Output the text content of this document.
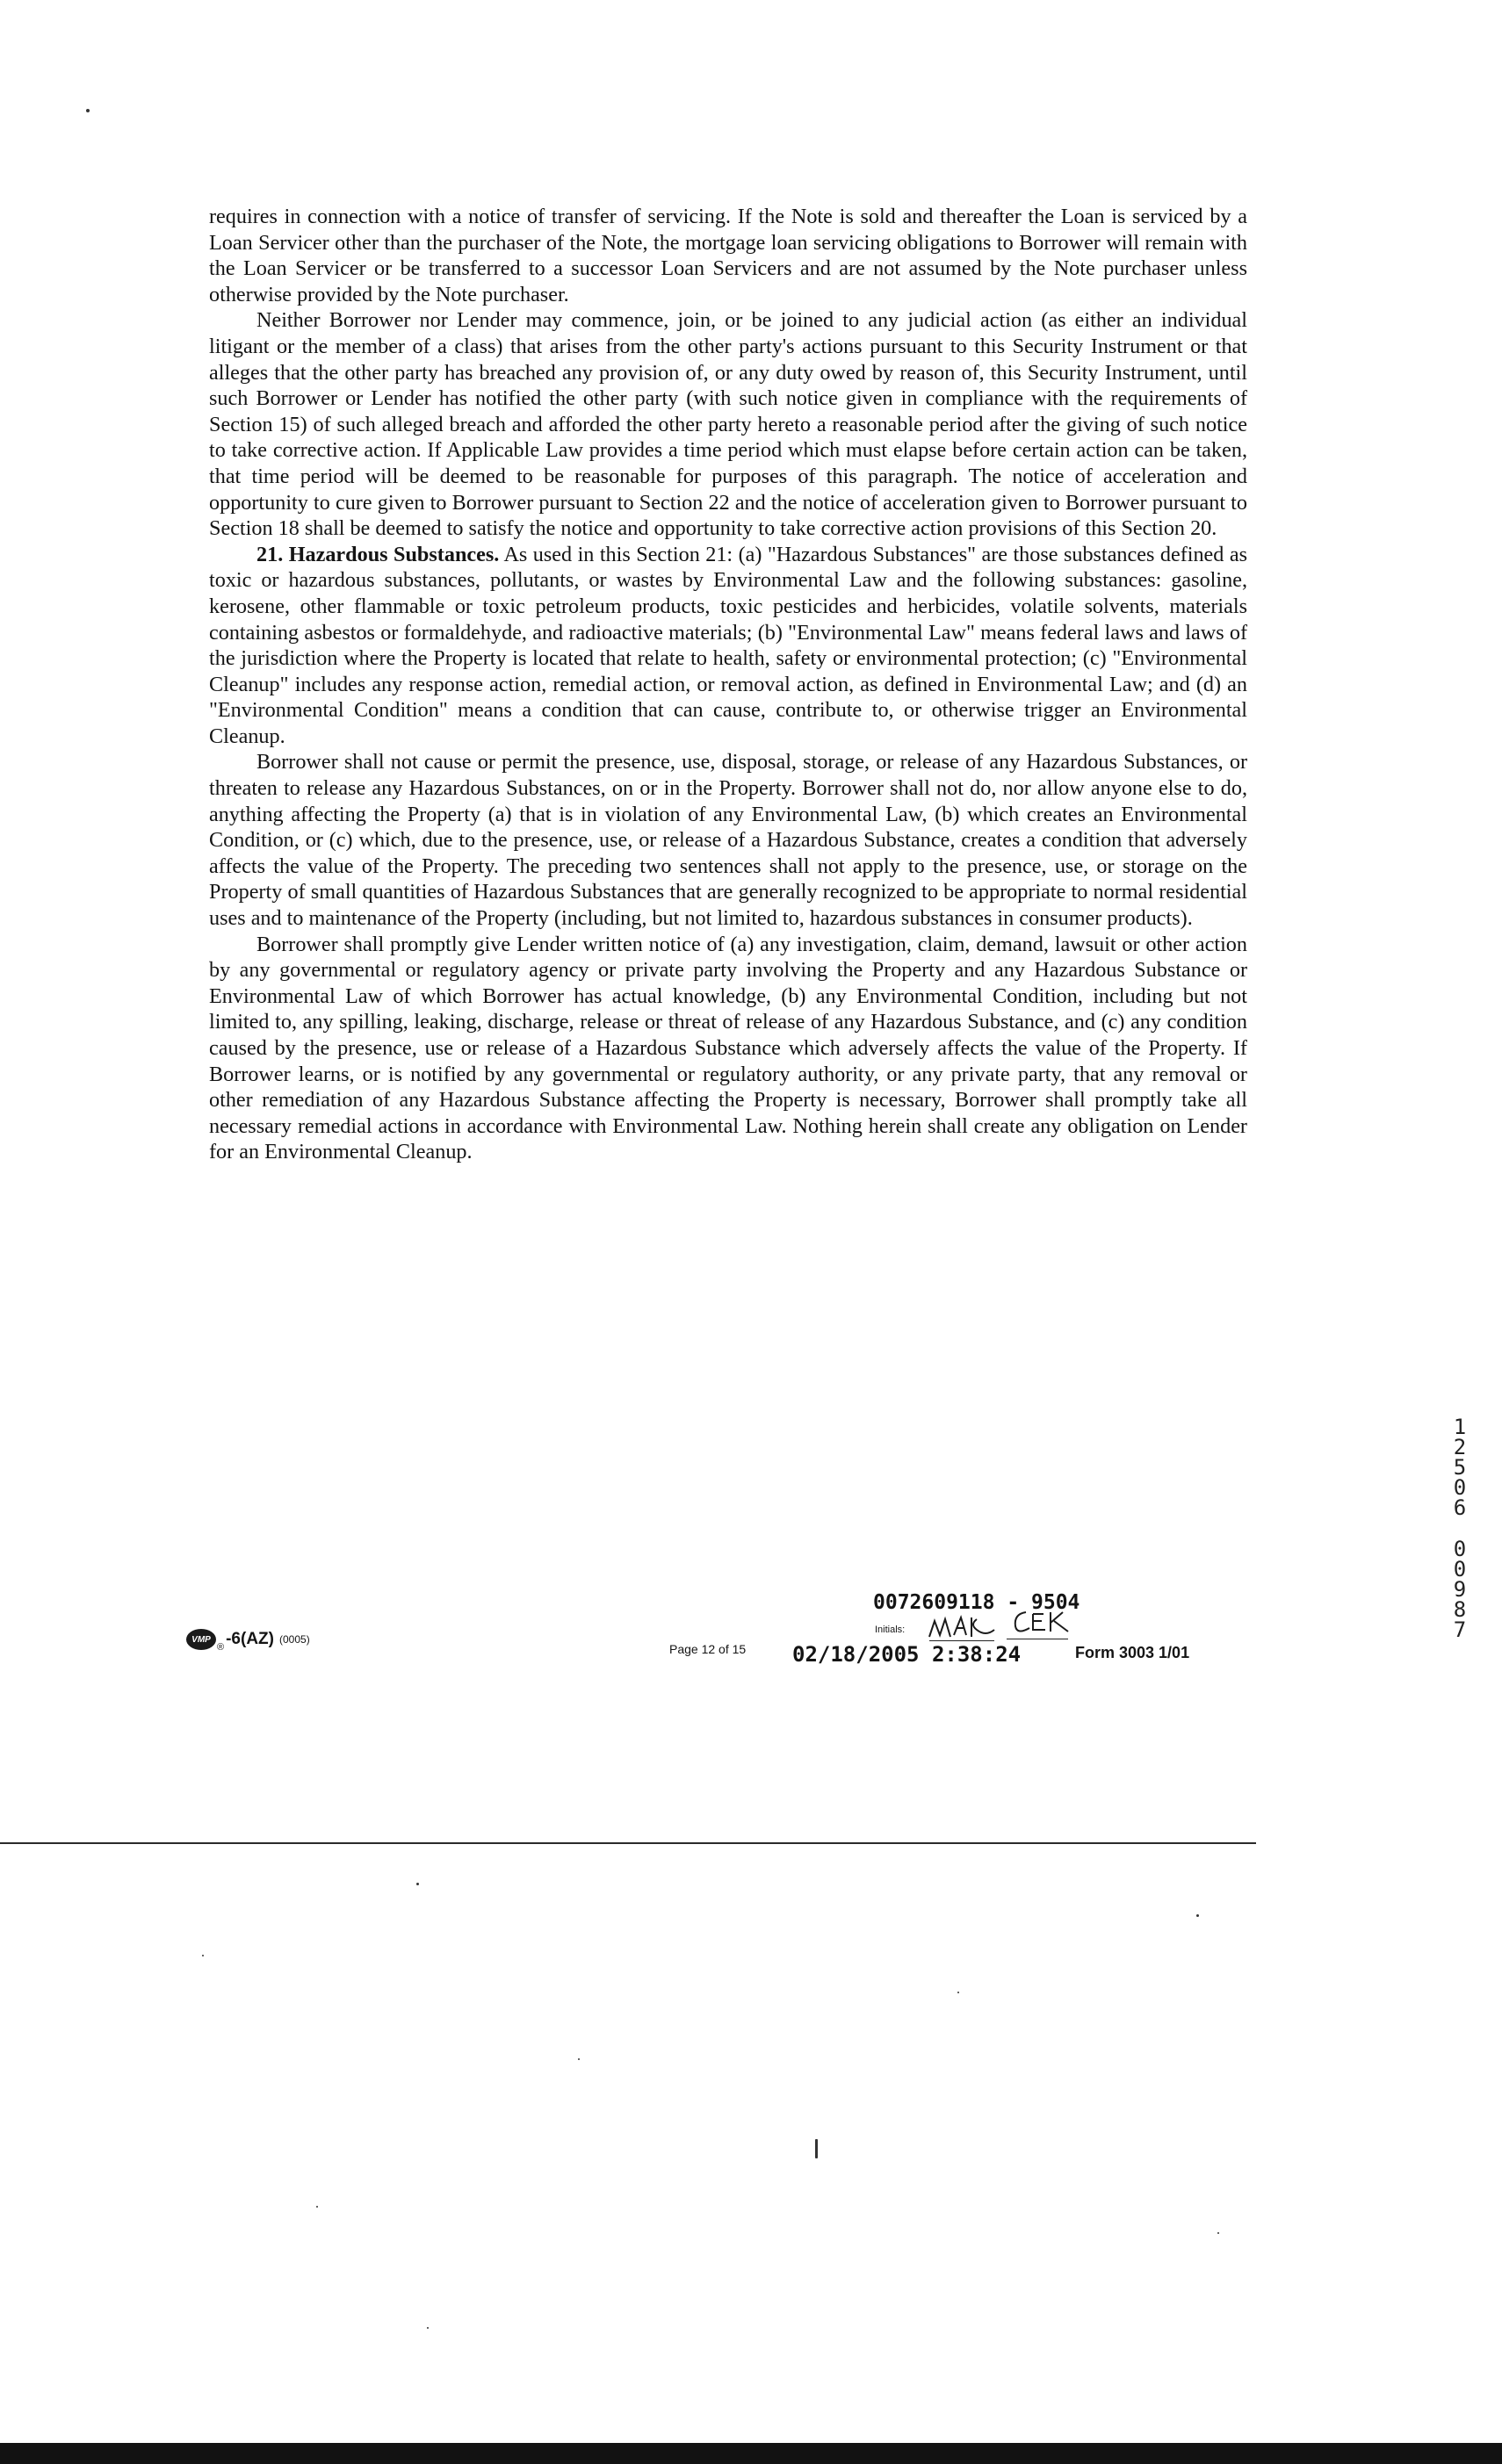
requires in connection with a notice of transfer of servicing. If the Note is sold and thereafter the Loan is serviced by a Loan Servicer other than the purchaser of the Note, the mortgage loan servicing obligations to Borrower will remain with the Loan Servicer or be transferred to a successor Loan Servicers and are not assumed by the Note purchaser unless otherwise provided by the Note purchaser.

Neither Borrower nor Lender may commence, join, or be joined to any judicial action (as either an individual litigant or the member of a class) that arises from the other party's actions pursuant to this Security Instrument or that alleges that the other party has breached any provision of, or any duty owed by reason of, this Security Instrument, until such Borrower or Lender has notified the other party (with such notice given in compliance with the requirements of Section 15) of such alleged breach and afforded the other party hereto a reasonable period after the giving of such notice to take corrective action. If Applicable Law provides a time period which must elapse before certain action can be taken, that time period will be deemed to be reasonable for purposes of this paragraph. The notice of acceleration and opportunity to cure given to Borrower pursuant to Section 22 and the notice of acceleration given to Borrower pursuant to Section 18 shall be deemed to satisfy the notice and opportunity to take corrective action provisions of this Section 20.

21. Hazardous Substances. As used in this Section 21: (a) "Hazardous Substances" are those substances defined as toxic or hazardous substances, pollutants, or wastes by Environmental Law and the following substances: gasoline, kerosene, other flammable or toxic petroleum products, toxic pesticides and herbicides, volatile solvents, materials containing asbestos or formaldehyde, and radioactive materials; (b) "Environmental Law" means federal laws and laws of the jurisdiction where the Property is located that relate to health, safety or environmental protection; (c) "Environmental Cleanup" includes any response action, remedial action, or removal action, as defined in Environmental Law; and (d) an "Environmental Condition" means a condition that can cause, contribute to, or otherwise trigger an Environmental Cleanup.

Borrower shall not cause or permit the presence, use, disposal, storage, or release of any Hazardous Substances, or threaten to release any Hazardous Substances, on or in the Property. Borrower shall not do, nor allow anyone else to do, anything affecting the Property (a) that is in violation of any Environmental Law, (b) which creates an Environmental Condition, or (c) which, due to the presence, use, or release of a Hazardous Substance, creates a condition that adversely affects the value of the Property. The preceding two sentences shall not apply to the presence, use, or storage on the Property of small quantities of Hazardous Substances that are generally recognized to be appropriate to normal residential uses and to maintenance of the Property (including, but not limited to, hazardous substances in consumer products).

Borrower shall promptly give Lender written notice of (a) any investigation, claim, demand, lawsuit or other action by any governmental or regulatory agency or private party involving the Property and any Hazardous Substance or Environmental Law of which Borrower has actual knowledge, (b) any Environmental Condition, including but not limited to, any spilling, leaking, discharge, release or threat of release of any Hazardous Substance, and (c) any condition caused by the presence, use or release of a Hazardous Substance which adversely affects the value of the Property. If Borrower learns, or is notified by any governmental or regulatory authority, or any private party, that any removal or other remediation of any Hazardous Substance affecting the Property is necessary, Borrower shall promptly take all necessary remedial actions in accordance with Environmental Law. Nothing herein shall create any obligation on Lender for an Environmental Cleanup.

VMP
® -6(AZ) (0005)
Page 12 of 15
0072609118 - 9504
Initials:
02/18/2005 2:38:24	Form 3003 1/01
1
2
5
0
6
0
0
9
8
7
